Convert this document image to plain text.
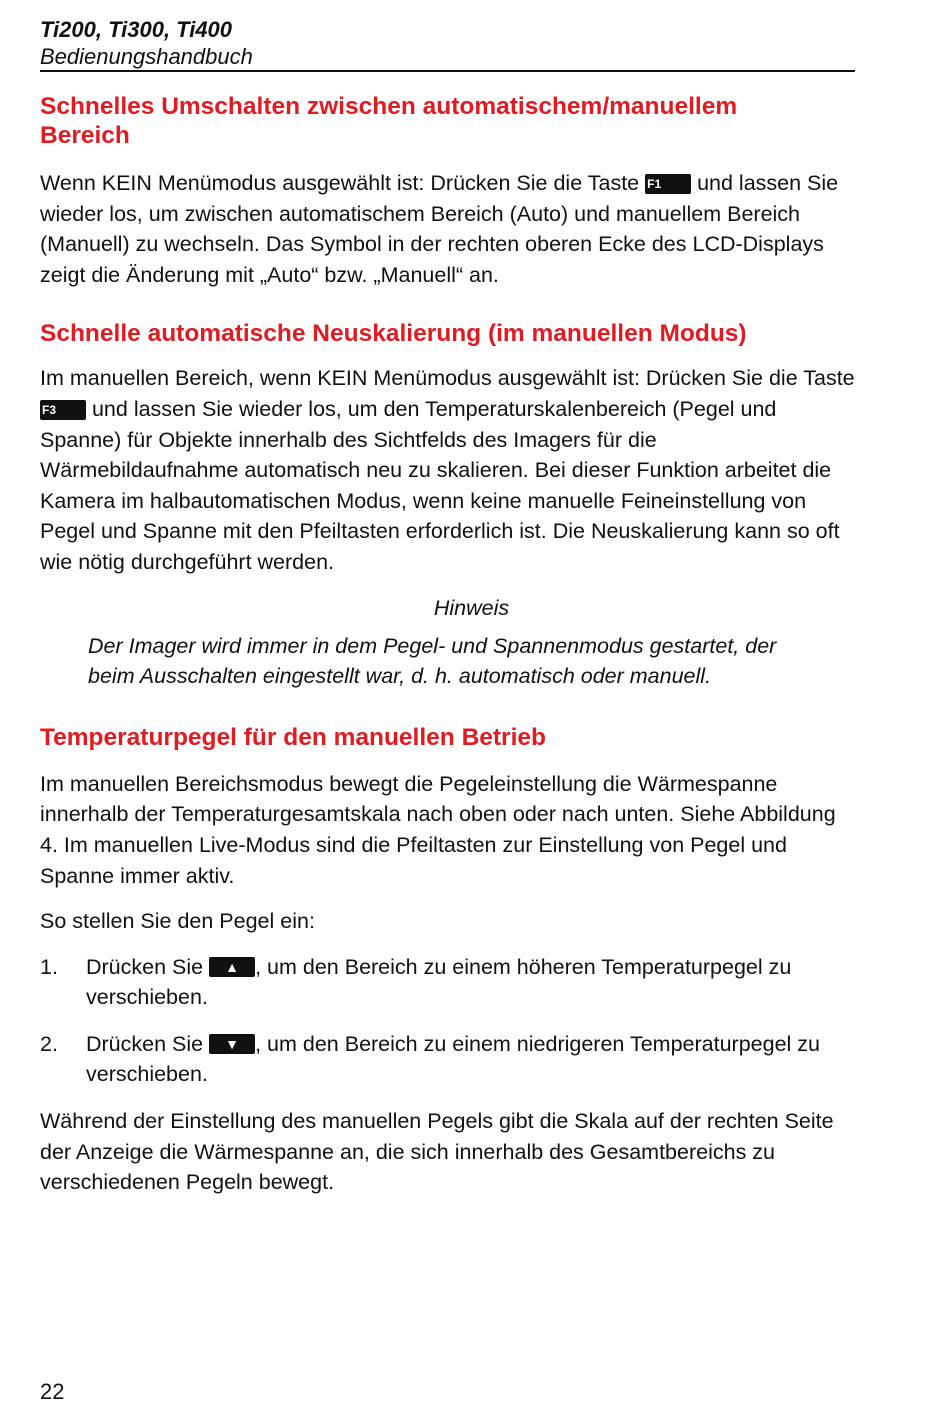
Ti200, Ti300, Ti400
Bedienungshandbuch
Schnelles Umschalten zwischen automatischem/manuellem Bereich

Wenn KEIN Menümodus ausgewählt ist: Drücken Sie die Taste F1 und lassen Sie wieder los, um zwischen automatischem Bereich (Auto) und manuellem Bereich (Manuell) zu wechseln. Das Symbol in der rechten oberen Ecke des LCD-Displays zeigt die Änderung mit „Auto“ bzw. „Manuell“ an.

Schnelle automatische Neuskalierung (im manuellen Modus)

Im manuellen Bereich, wenn KEIN Menümodus ausgewählt ist: Drücken Sie die Taste F3 und lassen Sie wieder los, um den Temperaturskalenbereich (Pegel und Spanne) für Objekte innerhalb des Sichtfelds des Imagers für die Wärmebildaufnahme automatisch neu zu skalieren. Bei dieser Funktion arbeitet die Kamera im halbautomatischen Modus, wenn keine manuelle Feineinstellung von Pegel und Spanne mit den Pfeiltasten erforderlich ist. Die Neuskalierung kann so oft wie nötig durchgeführt werden.

Hinweis
Der Imager wird immer in dem Pegel- und Spannenmodus gestartet, der beim Ausschalten eingestellt war, d. h. automatisch oder manuell.
Temperaturpegel für den manuellen Betrieb

Im manuellen Bereichsmodus bewegt die Pegeleinstellung die Wärmespanne innerhalb der Temperaturgesamtskala nach oben oder nach unten. Siehe Abbildung 4. Im manuellen Live-Modus sind die Pfeiltasten zur Einstellung von Pegel und Spanne immer aktiv.

So stellen Sie den Pegel ein:

1.	Drücken Sie ▲ , um den Bereich zu einem höheren Temperaturpegel zu verschieben.
2.	Drücken Sie ▼ , um den Bereich zu einem niedrigeren Temperaturpegel zu verschieben.

Während der Einstellung des manuellen Pegels gibt die Skala auf der rechten Seite der Anzeige die Wärmespanne an, die sich innerhalb des Gesamtbereichs zu verschiedenen Pegeln bewegt.

22
